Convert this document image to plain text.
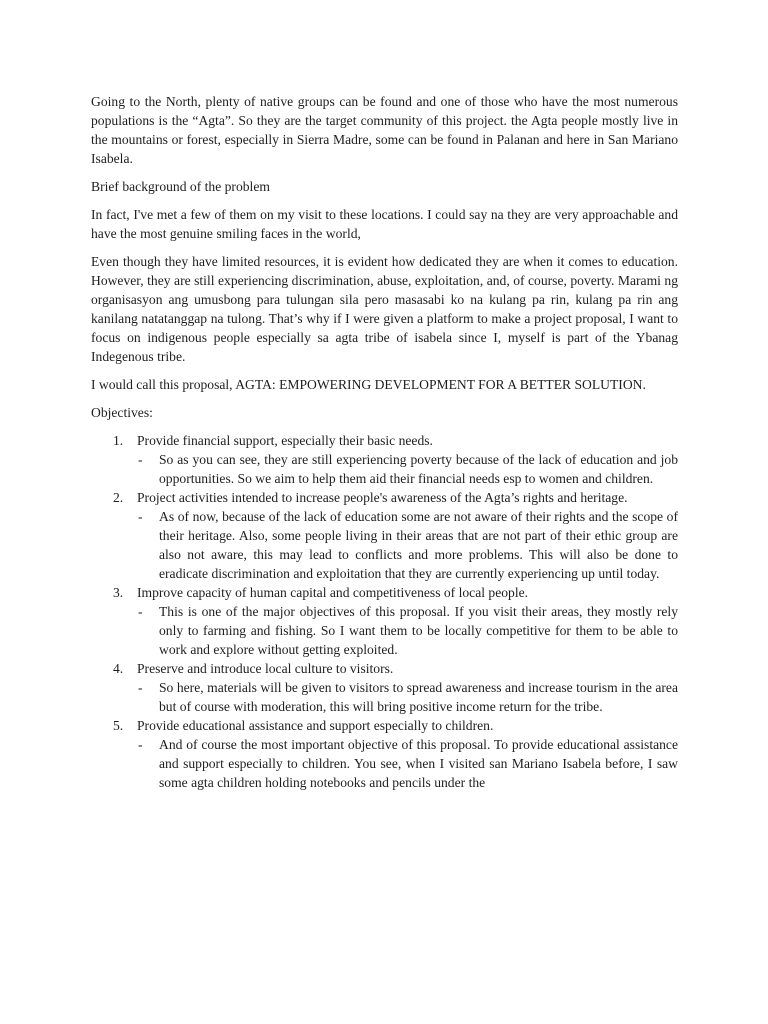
Going to the North, plenty of native groups can be found and one of those who have the most numerous populations is the “Agta”. So they are the target community of this project. the Agta people mostly live in the mountains or forest, especially in Sierra Madre, some can be found in Palanan and here in San Mariano Isabela.

Brief background of the problem

In fact, I've met a few of them on my visit to these locations. I could say na they are very approachable and have the most genuine smiling faces in the world,

Even though they have limited resources, it is evident how dedicated they are when it comes to education. However, they are still experiencing discrimination, abuse, exploitation, and, of course, poverty. Marami ng organisasyon ang umusbong para tulungan sila pero masasabi ko na kulang pa rin, kulang pa rin ang kanilang natatanggap na tulong. That’s why if I were given a platform to make a project proposal, I want to focus on indigenous people especially sa agta tribe of isabela since I, myself is part of the Ybanag Indegenous tribe.

I would call this proposal, AGTA: EMPOWERING DEVELOPMENT FOR A BETTER SOLUTION.

Objectives:

1. Provide financial support, especially their basic needs.
- So as you can see, they are still experiencing poverty because of the lack of education and job opportunities. So we aim to help them aid their financial needs esp to women and children.
2. Project activities intended to increase people's awareness of the Agta’s rights and heritage.
- As of now, because of the lack of education some are not aware of their rights and the scope of their heritage. Also, some people living in their areas that are not part of their ethic group are also not aware, this may lead to conflicts and more problems. This will also be done to eradicate discrimination and exploitation that they are currently experiencing up until today.
3. Improve capacity of human capital and competitiveness of local people.
- This is one of the major objectives of this proposal. If you visit their areas, they mostly rely only to farming and fishing. So I want them to be locally competitive for them to be able to work and explore without getting exploited.
4. Preserve and introduce local culture to visitors.
- So here, materials will be given to visitors to spread awareness and increase tourism in the area but of course with moderation, this will bring positive income return for the tribe.
5. Provide educational assistance and support especially to children.
- And of course the most important objective of this proposal. To provide educational assistance and support especially to children. You see, when I visited san Mariano Isabela before, I saw some agta children holding notebooks and pencils under the
